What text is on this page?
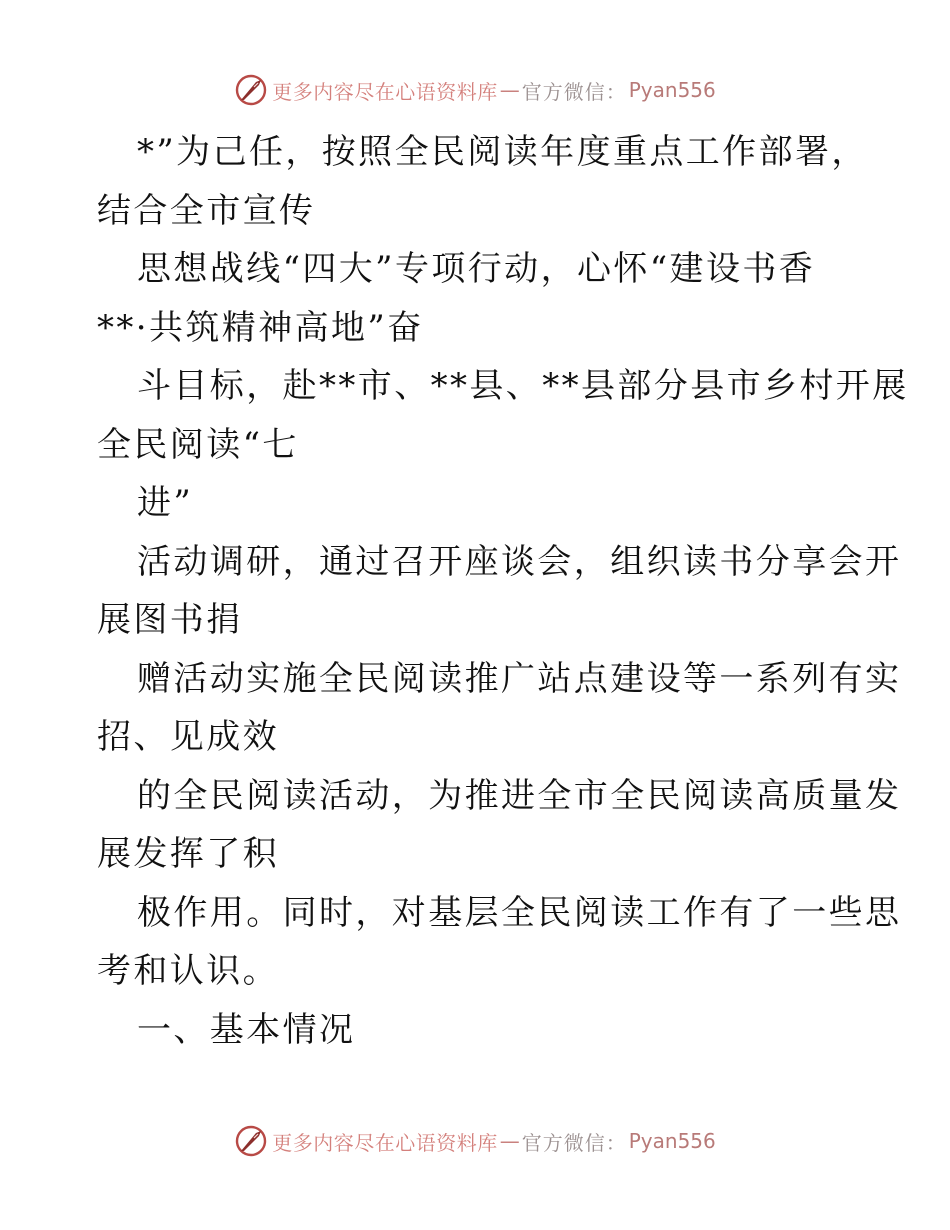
更多内容尽在心语资料库 — 官方微信： Pyan556
*”为己任，按照全民阅读年度重点工作部署，
结合全市宣传
思想战线“四大”专项行动，心怀“建设书香
**·共筑精神高地”奋
斗目标，赴**市、**县、**县部分县市乡村开展
全民阅读“七
进”
活动调研，通过召开座谈会，组织读书分享会开
展图书捐
赠活动实施全民阅读推广站点建设等一系列有实
招、见成效
的全民阅读活动，为推进全市全民阅读高质量发
展发挥了积
极作用。同时，对基层全民阅读工作有了一些思
考和认识。
一、基本情况
更多内容尽在心语资料库 — 官方微信： Pyan556
